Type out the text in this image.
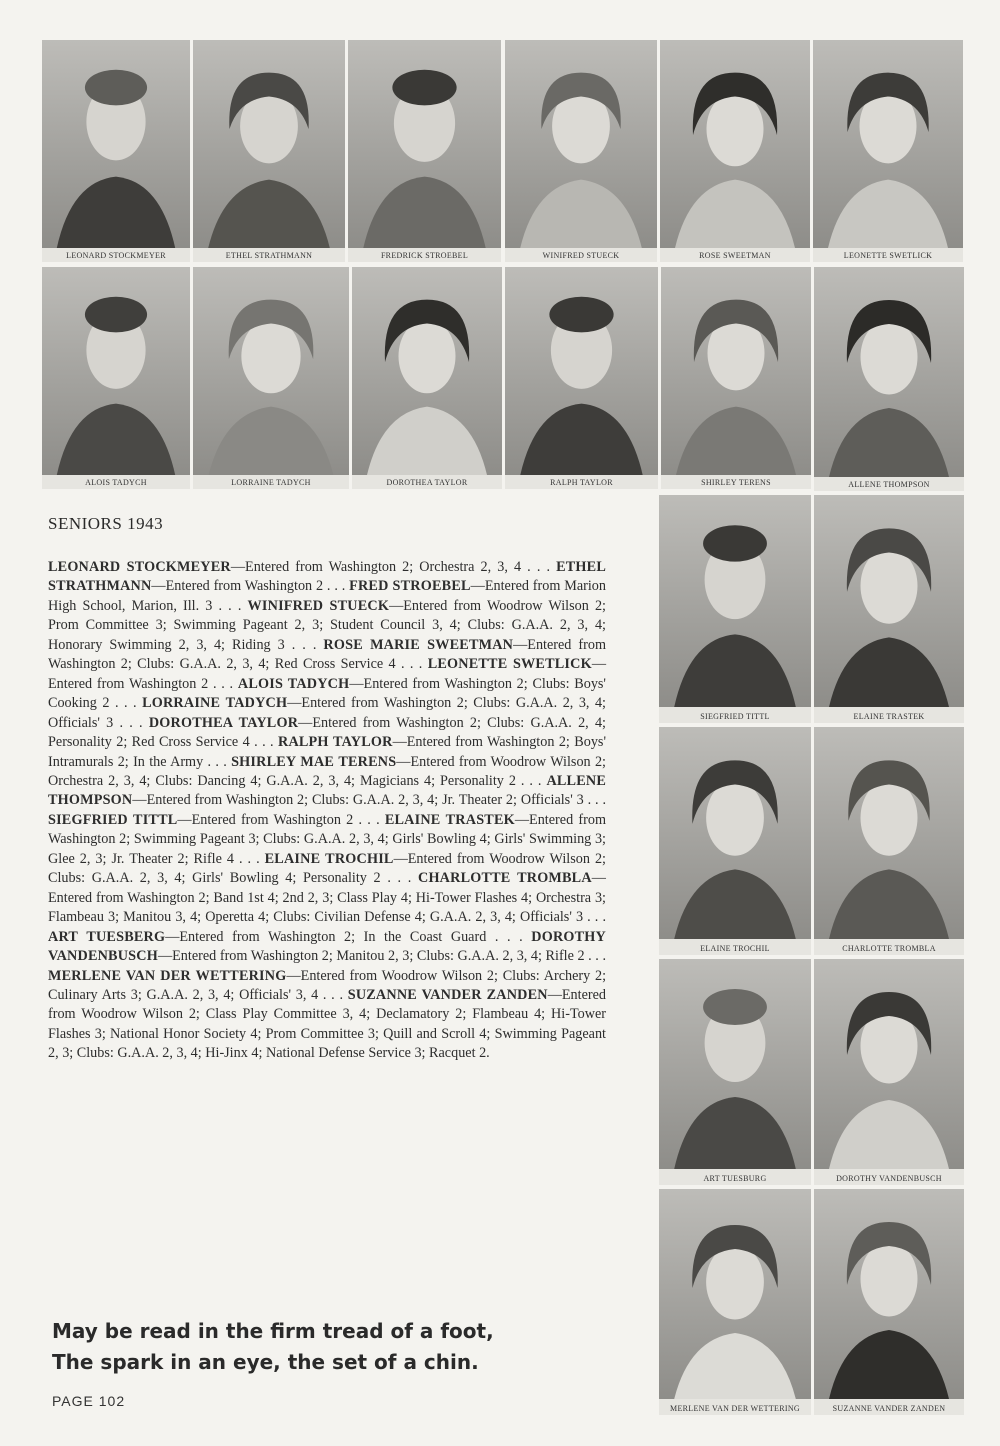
LEONARD STOCKMEYER	ETHEL STRATHMANN	FREDRICK STROEBEL	WINIFRED STUECK	ROSE SWEETMAN	LEONETTE SWETLICK
ALOIS TADYCH	LORRAINE TADYCH	DOROTHEA TAYLOR	RALPH TAYLOR	SHIRLEY TERENS	ALLENE THOMPSON
SIEGFRIED TITTL	ELAINE TRASTEK
ELAINE TROCHIL	CHARLOTTE TROMBLA
ART TUESBURG	DOROTHY VANDENBUSCH
MERLENE VAN DER WETTERING	SUZANNE VANDER ZANDEN
SENIORS 1943
LEONARD STOCKMEYER—Entered from Washington 2; Orchestra 2, 3, 4 . . . ETHEL STRATHMANN—Entered from Washington 2 . . . FRED STROEBEL—Entered from Marion High School, Marion, Ill. 3 . . . WINIFRED STUECK—Entered from Woodrow Wilson 2; Prom Committee 3; Swimming Pageant 2, 3; Student Council 3, 4; Clubs: G.A.A. 2, 3, 4; Honorary Swimming 2, 3, 4; Riding 3 . . . ROSE MARIE SWEETMAN—Entered from Washington 2; Clubs: G.A.A. 2, 3, 4; Red Cross Service 4 . . . LEONETTE SWETLICK—Entered from Washington 2 . . . ALOIS TADYCH—Entered from Washington 2; Clubs: Boys' Cooking 2 . . . LORRAINE TADYCH—Entered from Washington 2; Clubs: G.A.A. 2, 3, 4; Officials' 3 . . . DOROTHEA TAYLOR—Entered from Washington 2; Clubs: G.A.A. 2, 4; Personality 2; Red Cross Service 4 . . . RALPH TAYLOR—Entered from Washington 2; Boys' Intramurals 2; In the Army . . . SHIRLEY MAE TERENS—Entered from Woodrow Wilson 2; Orchestra 2, 3, 4; Clubs: Dancing 4; G.A.A. 2, 3, 4; Magicians 4; Personality 2 . . . ALLENE THOMPSON—Entered from Washington 2; Clubs: G.A.A. 2, 3, 4; Jr. Theater 2; Officials' 3 . . . SIEGFRIED TITTL—Entered from Washington 2 . . . ELAINE TRASTEK—Entered from Washington 2; Swimming Pageant 3; Clubs: G.A.A. 2, 3, 4; Girls' Bowling 4; Girls' Swimming 3; Glee 2, 3; Jr. Theater 2; Rifle 4 . . . ELAINE TROCHIL—Entered from Woodrow Wilson 2; Clubs: G.A.A. 2, 3, 4; Girls' Bowling 4; Personality 2 . . . CHARLOTTE TROMBLA—Entered from Washington 2; Band 1st 4; 2nd 2, 3; Class Play 4; Hi-Tower Flashes 4; Orchestra 3; Flambeau 3; Manitou 3, 4; Operetta 4; Clubs: Civilian Defense 4; G.A.A. 2, 3, 4; Officials' 3 . . . ART TUESBERG—Entered from Washington 2; In the Coast Guard . . . DOROTHY VANDENBUSCH—Entered from Washington 2; Manitou 2, 3; Clubs: G.A.A. 2, 3, 4; Rifle 2 . . . MERLENE VAN DER WETTERING—Entered from Woodrow Wilson 2; Clubs: Archery 2; Culinary Arts 3; G.A.A. 2, 3, 4; Officials' 3, 4 . . . SUZANNE VANDER ZANDEN—Entered from Woodrow Wilson 2; Class Play Committee 3, 4; Declamatory 2; Flambeau 4; Hi-Tower Flashes 3; National Honor Society 4; Prom Committee 3; Quill and Scroll 4; Swimming Pageant 2, 3; Clubs: G.A.A. 2, 3, 4; Hi-Jinx 4; National Defense Service 3; Racquet 2.
May be read in the firm tread of a foot,
The spark in an eye, the set of a chin.
PAGE 102
